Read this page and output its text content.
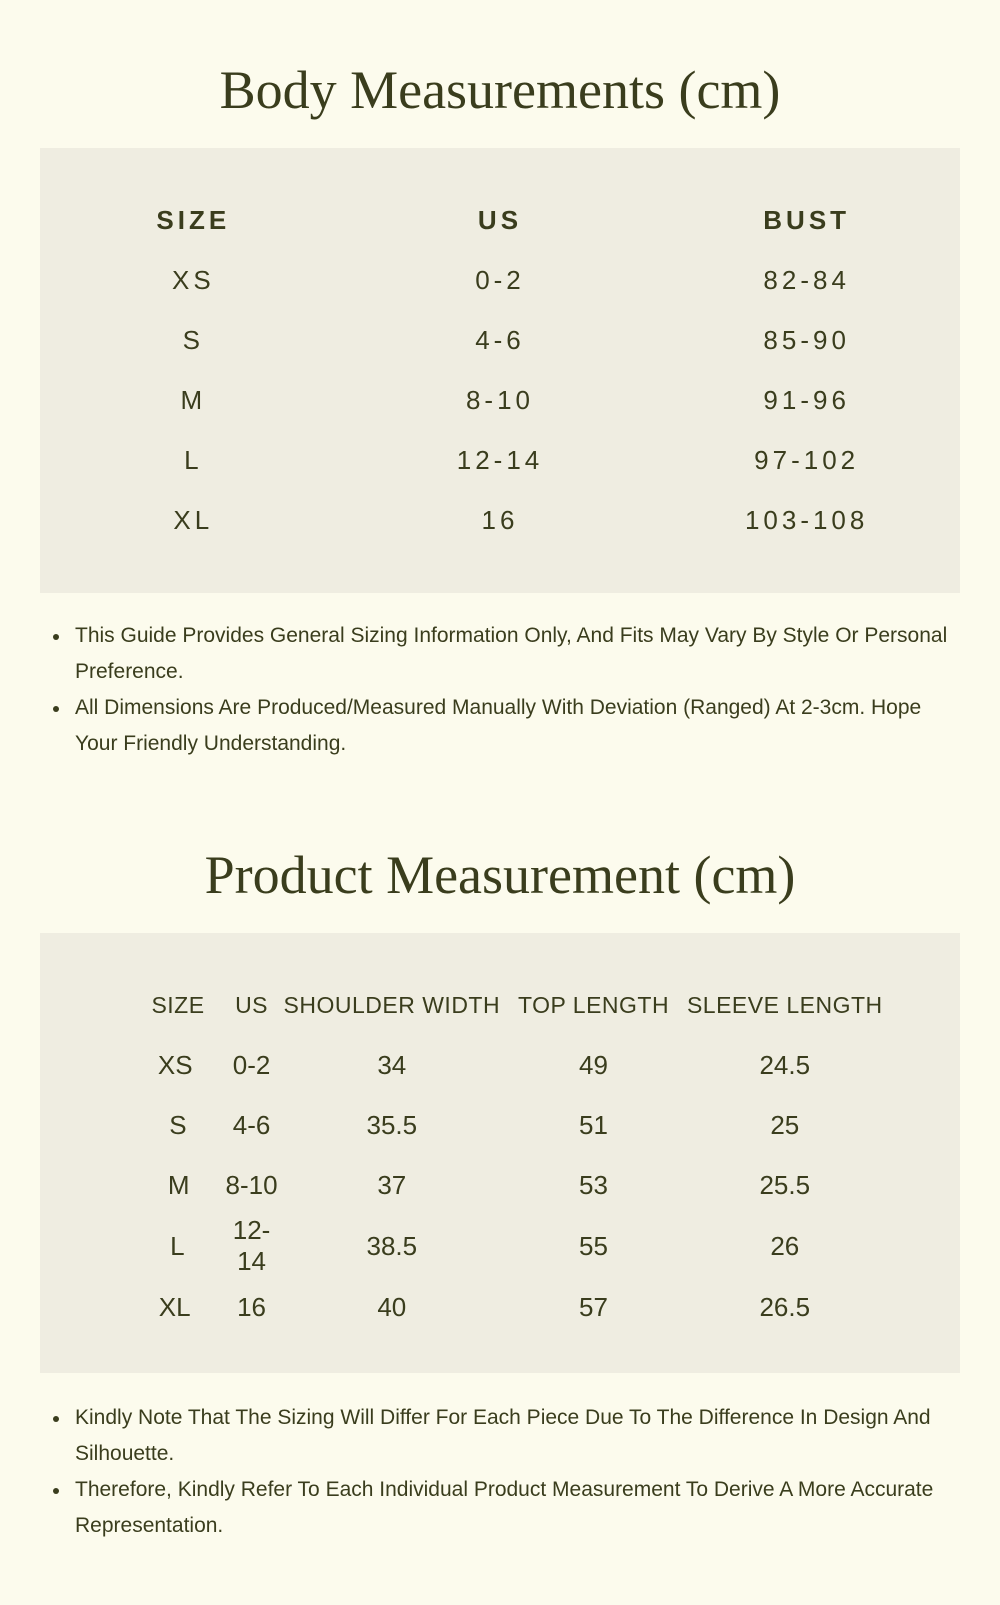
Body Measurements (cm)
SIZE	US	BUST
XS	0-2	82-84
S	4-6	85-90
M	8-10	91-96
L	12-14	97-102
XL	16	103-108
This Guide Provides General Sizing Information Only, And Fits May Vary By Style Or Personal Preference.
All Dimensions Are Produced/Measured Manually With Deviation (Ranged) At 2-3cm. Hope Your Friendly Understanding.
Product Measurement (cm)
SIZE	US	SHOULDER WIDTH	TOP LENGTH	SLEEVE LENGTH	
XS	0-2	34	49	24.5	
S	4-6	35.5	51	25	
M	8-10	37	53	25.5	
L	12-14	38.5	55	26	
XL	16	40	57	26.5	
Kindly Note That The Sizing Will Differ For Each Piece Due To The Difference In Design And Silhouette.
Therefore, Kindly Refer To Each Individual Product Measurement To Derive A More Accurate Representation.
